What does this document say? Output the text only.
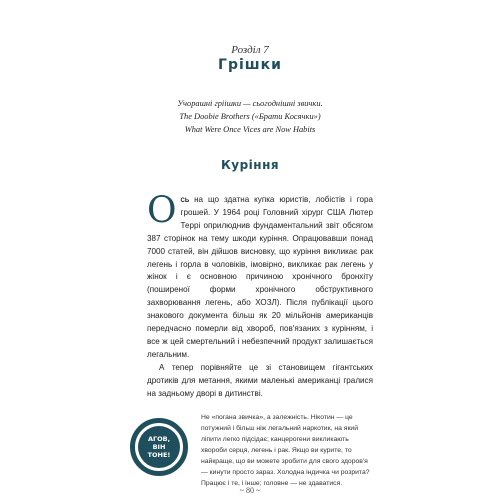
Розділ 7
Грішки
Учорашні гріішки — сьогоднішні звички.
The Doobie Brothers («Брати Косячки»)
What Were Once Vices are Now Habits
Куріння

Ось на що здатна купка юристів, лобістів і гора грошей. У 1964 році Головний хірург США Лютер Террі оприлюднив фундаментальний звіт обсягом 387 сторінок на тему шкоди куріння. Опрацювавши понад 7000 статей, він дійшов висновку, що куріння викликає рак легень і горла в чоловіків, імовірно, викликає рак легень у жінок і є основною причиною хронічного бронхіту (поширеної форми хронічного обструктивного захворювання легень, або ХОЗЛ). Після публікації цього знакового документа більш як 20 мільйонів американців передчасно померли від хвороб, пов'язаних з курінням, і все ж цей смертельний і небезпечний продукт залишається легальним.

А тепер порівняйте це зі становищем гігантських дротиків для метання, якими маленькі американці гралися на задньому дворі в дитинстві.

АГОВ,
ВІН
ТОНЕ!
Не «погана звичка», а залежність. Нікотин — це потужний і більш ніж легальний наркотик, на який ліпити легко підсідає; канцерогени викликають хвороби серця, легень і рак. Якщо ви курите, то найкраще, що ви можете зробити для свого здоров'я — кинути просто зараз. Холодна індичка чи розрита? Працює і те, і інше; головне — не здаватися.
~ 80 ~
